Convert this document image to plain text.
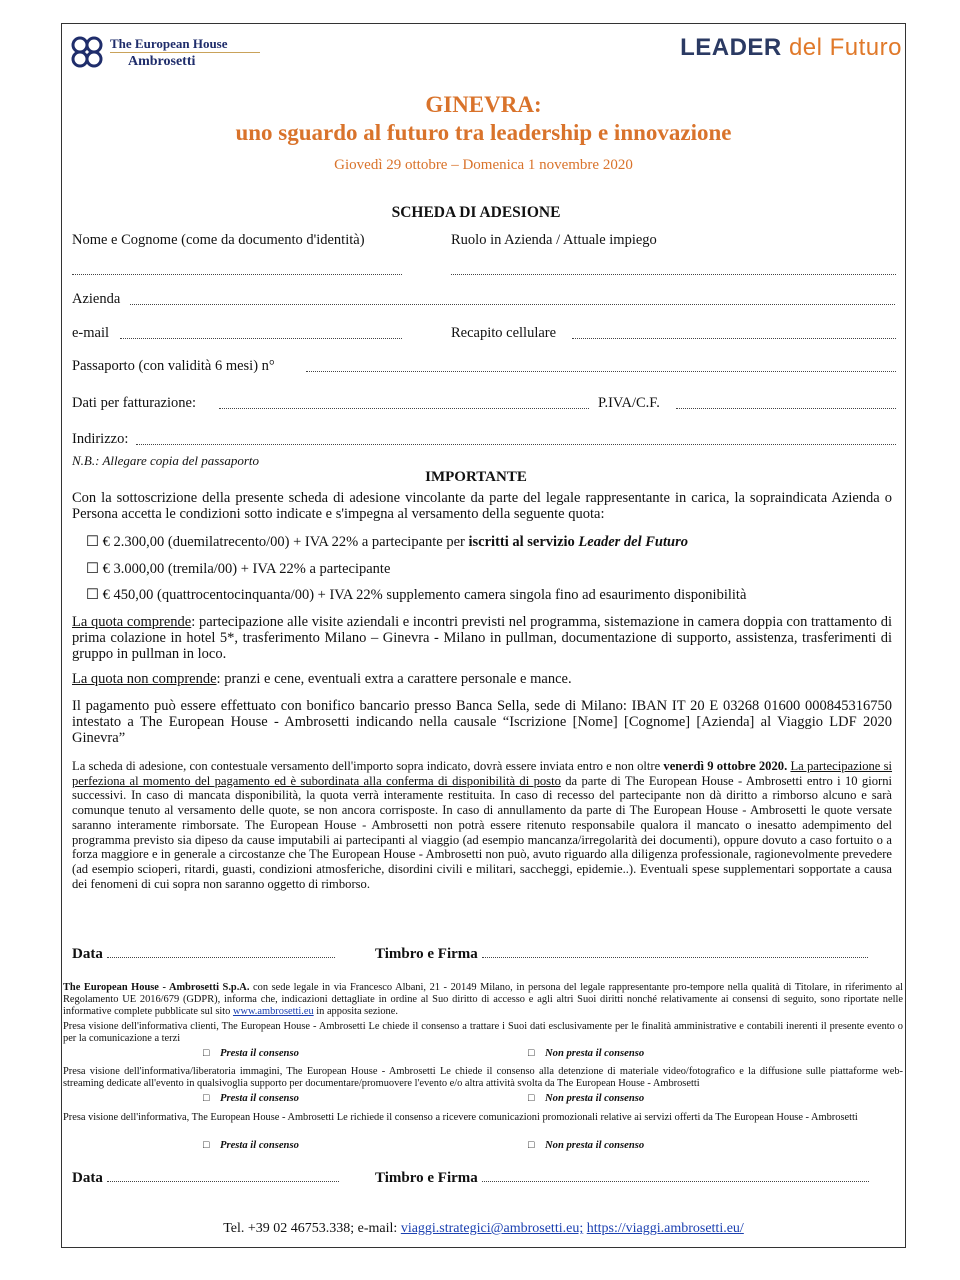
The European House
Ambrosetti	LEADER del Futuro
GINEVRA:
uno sguardo al futuro tra leadership e innovazione
Giovedì 29 ottobre – Domenica 1 novembre 2020
SCHEDA DI ADESIONE
Nome e Cognome (come da documento d'identità)	Ruolo in Azienda / Attuale impiego
Azienda
e-mail	Recapito cellulare
Passaporto (con validità 6 mesi) n°
Dati per fatturazione:	P.IVA/C.F.
Indirizzo:
N.B.: Allegare copia del passaporto
IMPORTANTE
Con la sottoscrizione della presente scheda di adesione vincolante da parte del legale rappresentante in carica, la sopraindicata Azienda o Persona accetta le condizioni sotto indicate e s'impegna al versamento della seguente quota:
☐ € 2.300,00 (duemilatrecento/00) + IVA 22% a partecipante per iscritti al servizio Leader del Futuro
☐ € 3.000,00 (tremila/00) + IVA 22% a partecipante
☐ € 450,00 (quattrocentocinquanta/00) + IVA 22% supplemento camera singola fino ad esaurimento disponibilità
La quota comprende: partecipazione alle visite aziendali e incontri previsti nel programma, sistemazione in camera doppia con trattamento di prima colazione in hotel 5*, trasferimento Milano – Ginevra - Milano in pullman, documentazione di supporto, assistenza, trasferimenti di gruppo in pullman in loco.
La quota non comprende: pranzi e cene, eventuali extra a carattere personale e mance.
Il pagamento può essere effettuato con bonifico bancario presso Banca Sella, sede di Milano: IBAN IT 20 E 03268 01600 000845316750 intestato a The European House - Ambrosetti indicando nella causale “Iscrizione [Nome] [Cognome] [Azienda] al Viaggio LDF 2020 Ginevra”
La scheda di adesione, con contestuale versamento dell'importo sopra indicato, dovrà essere inviata entro e non oltre venerdì 9 ottobre 2020. La partecipazione si perfeziona al momento del pagamento ed è subordinata alla conferma di disponibilità di posto da parte di The European House - Ambrosetti entro i 10 giorni successivi. In caso di mancata disponibilità, la quota verrà interamente restituita. In caso di recesso del partecipante non dà diritto a rimborso alcuno e sarà comunque tenuto al versamento delle quote, se non ancora corrisposte. In caso di annullamento da parte di The European House - Ambrosetti le quote versate saranno interamente rimborsate. The European House - Ambrosetti non potrà essere ritenuto responsabile qualora il mancato o inesatto adempimento del programma previsto sia dipeso da cause imputabili ai partecipanti al viaggio (ad esempio mancanza/irregolarità dei documenti), oppure dovuto a caso fortuito o a forza maggiore e in generale a circostanze che The European House - Ambrosetti non può, avuto riguardo alla diligenza professionale, ragionevolmente prevedere (ad esempio scioperi, ritardi, guasti, condizioni atmosferiche, disordini civili e militari, saccheggi, epidemie..). Eventuali spese supplementari sopportate a causa dei fenomeni di cui sopra non saranno oggetto di rimborso.
Data	Timbro e Firma
The European House - Ambrosetti S.p.A. con sede legale in via Francesco Albani, 21 - 20149 Milano, in persona del legale rappresentante pro-tempore nella qualità di Titolare, in riferimento al Regolamento UE 2016/679 (GDPR), informa che, indicazioni dettagliate in ordine al Suo diritto di accesso e agli altri Suoi diritti nonché relativamente ai consensi di seguito, sono riportate nelle informative complete pubblicate sul sito www.ambrosetti.eu in apposita sezione.
Presa visione dell'informativa clienti, The European House - Ambrosetti Le chiede il consenso a trattare i Suoi dati esclusivamente per le finalità amministrative e contabili inerenti il presente evento o per la comunicazione a terzi
□    Presta il consenso	□    Non presta il consenso
Presa visione dell'informativa/liberatoria immagini, The European House - Ambrosetti Le chiede il consenso alla detenzione di materiale video/fotografico e la diffusione sulle piattaforme web-streaming dedicate all'evento in qualsivoglia supporto per documentare/promuovere l'evento e/o altra attività svolta da The European House - Ambrosetti
□    Presta il consenso	□    Non presta il consenso
Presa visione dell'informativa, The European House - Ambrosetti Le richiede il consenso a ricevere comunicazioni promozionali relative ai servizi offerti da The European House - Ambrosetti
□    Presta il consenso	□    Non presta il consenso
Data	Timbro e Firma
Tel. +39 02 46753.338; e-mail: viaggi.strategici@ambrosetti.eu; https://viaggi.ambrosetti.eu/
